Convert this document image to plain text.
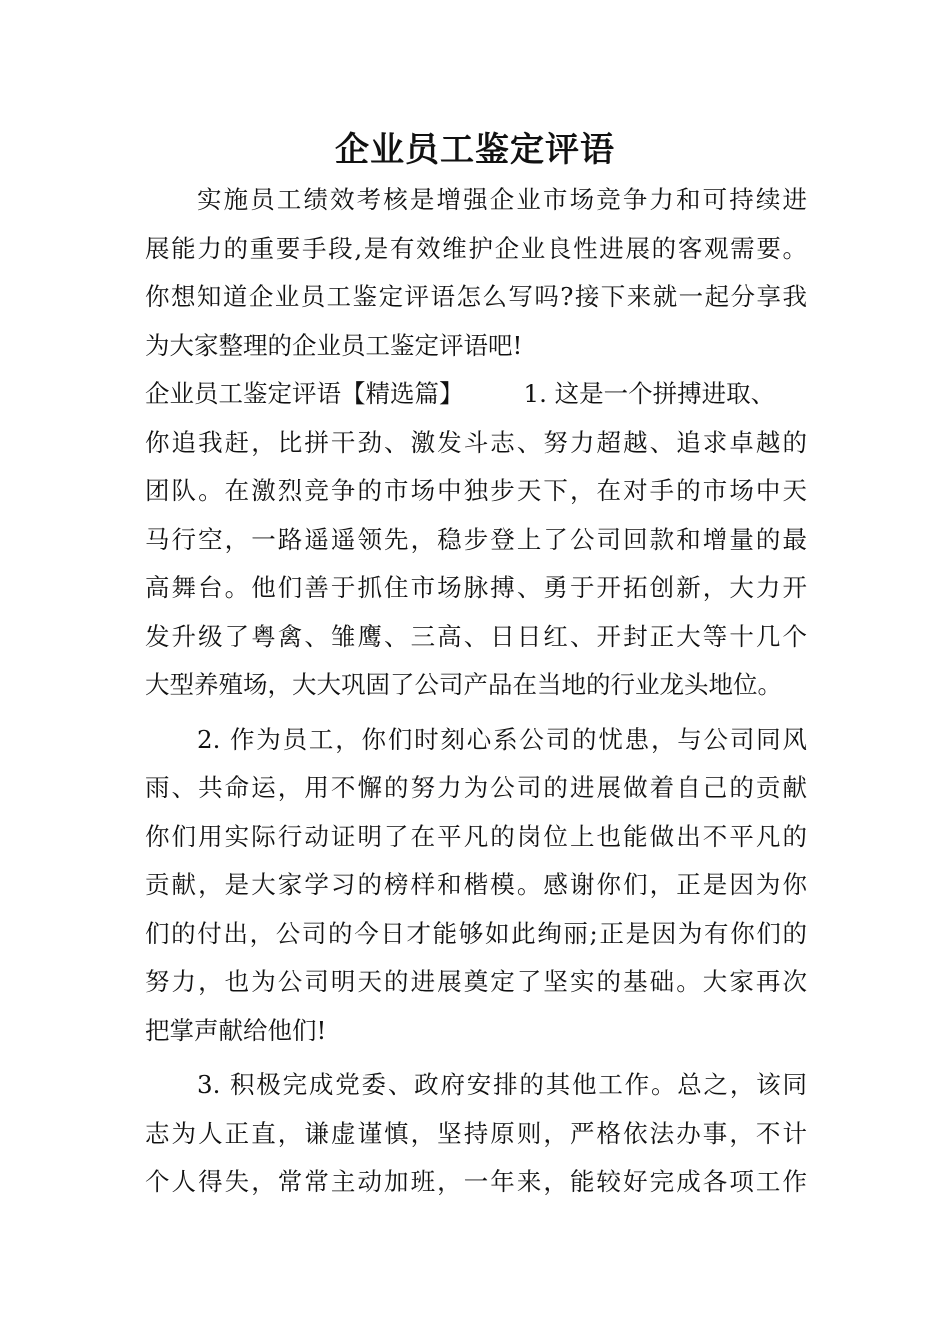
企业员工鉴定评语
实施员工绩效考核是增强企业市场竞争力和可持续进
展能力的重要手段,是有效维护企业良性进展的客观需要。
你想知道企业员工鉴定评语怎么写吗?接下来就一起分享我
为大家整理的企业员工鉴定评语吧!
企业员工鉴定评语【精选篇】 1. 这是一个拼搏进取、
你追我赶，比拼干劲、激发斗志、努力超越、追求卓越的
团队。在激烈竞争的市场中独步天下，在对手的市场中天
马行空，一路遥遥领先，稳步登上了公司回款和增量的最
高舞台。他们善于抓住市场脉搏、勇于开拓创新，大力开
发升级了粤禽、雏鹰、三高、日日红、开封正大等十几个
大型养殖场，大大巩固了公司产品在当地的行业龙头地位。
2. 作为员工，你们时刻心系公司的忧患，与公司同风
雨、共命运，用不懈的努力为公司的进展做着自己的贡献
你们用实际行动证明了在平凡的岗位上也能做出不平凡的
贡献，是大家学习的榜样和楷模。感谢你们，正是因为你
们的付出，公司的今日才能够如此绚丽;正是因为有你们的
努力，也为公司明天的进展奠定了坚实的基础。大家再次
把掌声献给他们!
3. 积极完成党委、政府安排的其他工作。总之，该同
志为人正直，谦虚谨慎，坚持原则，严格依法办事，不计
个人得失，常常主动加班，一年来，能较好完成各项工作
